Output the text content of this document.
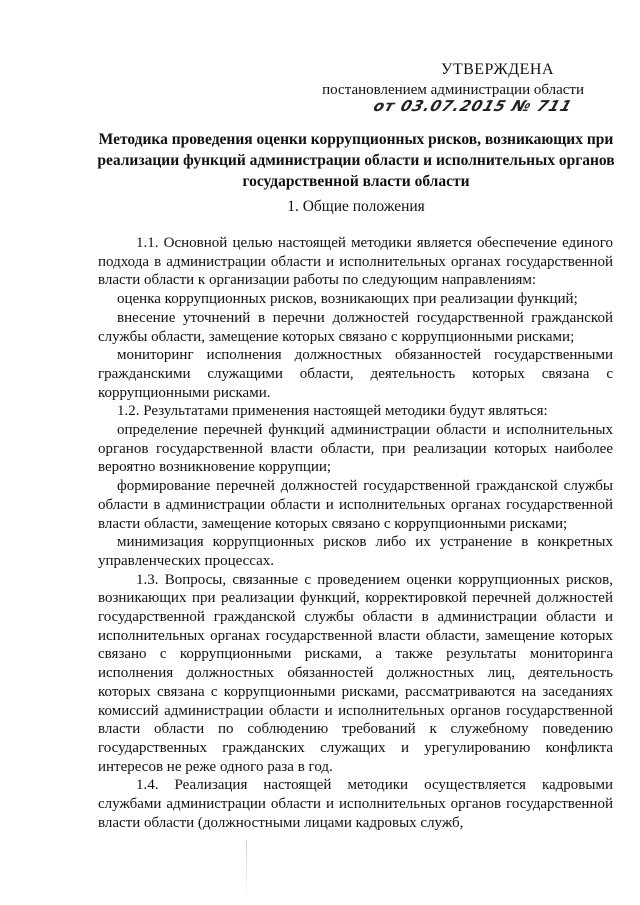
УТВЕРЖДЕНА
постановлением администрации области
от 03.07.2015 № 711
Методика проведения оценки коррупционных рисков, возникающих при реализации функций администрации области и исполнительных органов государственной власти области
1. Общие положения

1.1. Основной целью настоящей методики является обеспечение единого подхода в администрации области и исполнительных органах государственной власти области к организации работы по следующим направлениям:

оценка коррупционных рисков, возникающих при реализации функций;

внесение уточнений в перечни должностей государственной гражданской службы области, замещение которых связано с коррупционными рисками;

мониторинг исполнения должностных обязанностей государственными гражданскими служащими области, деятельность которых связана с коррупционными рисками.

1.2. Результатами применения настоящей методики будут являться:

определение перечней функций администрации области и исполнительных органов государственной власти области, при реализации которых наиболее вероятно возникновение коррупции;

формирование перечней должностей государственной гражданской службы области в администрации области и исполнительных органах государственной власти области, замещение которых связано с коррупционными рисками;

минимизация коррупционных рисков либо их устранение в конкретных управленческих процессах.

1.3. Вопросы, связанные с проведением оценки коррупционных рисков, возникающих при реализации функций, корректировкой перечней должностей государственной гражданской службы области в администрации области и исполнительных органах государственной власти области, замещение которых связано с коррупционными рисками, а также результаты мониторинга исполнения должностных обязанностей должностных лиц, деятельность которых связана с коррупционными рисками, рассматриваются на заседаниях комиссий администрации области и исполнительных органов государственной власти области по соблюдению требований к служебному поведению государственных гражданских служащих и урегулированию конфликта интересов не реже одного раза в год.

1.4. Реализация настоящей методики осуществляется кадровыми службами администрации области и исполнительных органов государственной власти области (должностными лицами кадровых служб,
